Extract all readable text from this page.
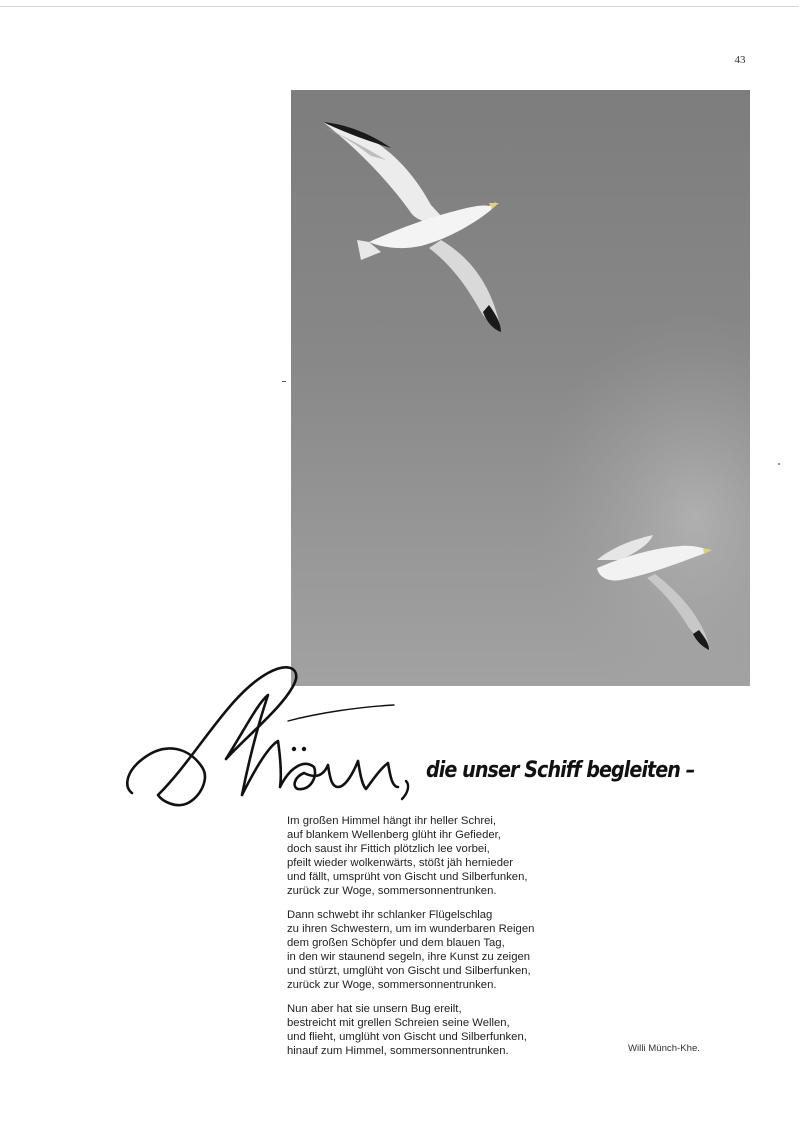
43
die unser Schiff begleiten –
Im großen Himmel hängt ihr heller Schrei,
auf blankem Wellenberg glüht ihr Gefieder,
doch saust ihr Fittich plötzlich lee vorbei,
pfeilt wieder wolkenwärts, stößt jäh hernieder
und fällt, umsprüht von Gischt und Silberfunken,
zurück zur Woge, sommersonnentrunken.
Dann schwebt ihr schlanker Flügelschlag
zu ihren Schwestern, um im wunderbaren Reigen
dem großen Schöpfer und dem blauen Tag,
in den wir staunend segeln, ihre Kunst zu zeigen
und stürzt, umglüht von Gischt und Silberfunken,
zurück zur Woge, sommersonnentrunken.
Nun aber hat sie unsern Bug ereilt,
bestreicht mit grellen Schreien seine Wellen,
und flieht, umglüht von Gischt und Silberfunken,
hinauf zum Himmel, sommersonnentrunken.	Willi Münch-Khe.
